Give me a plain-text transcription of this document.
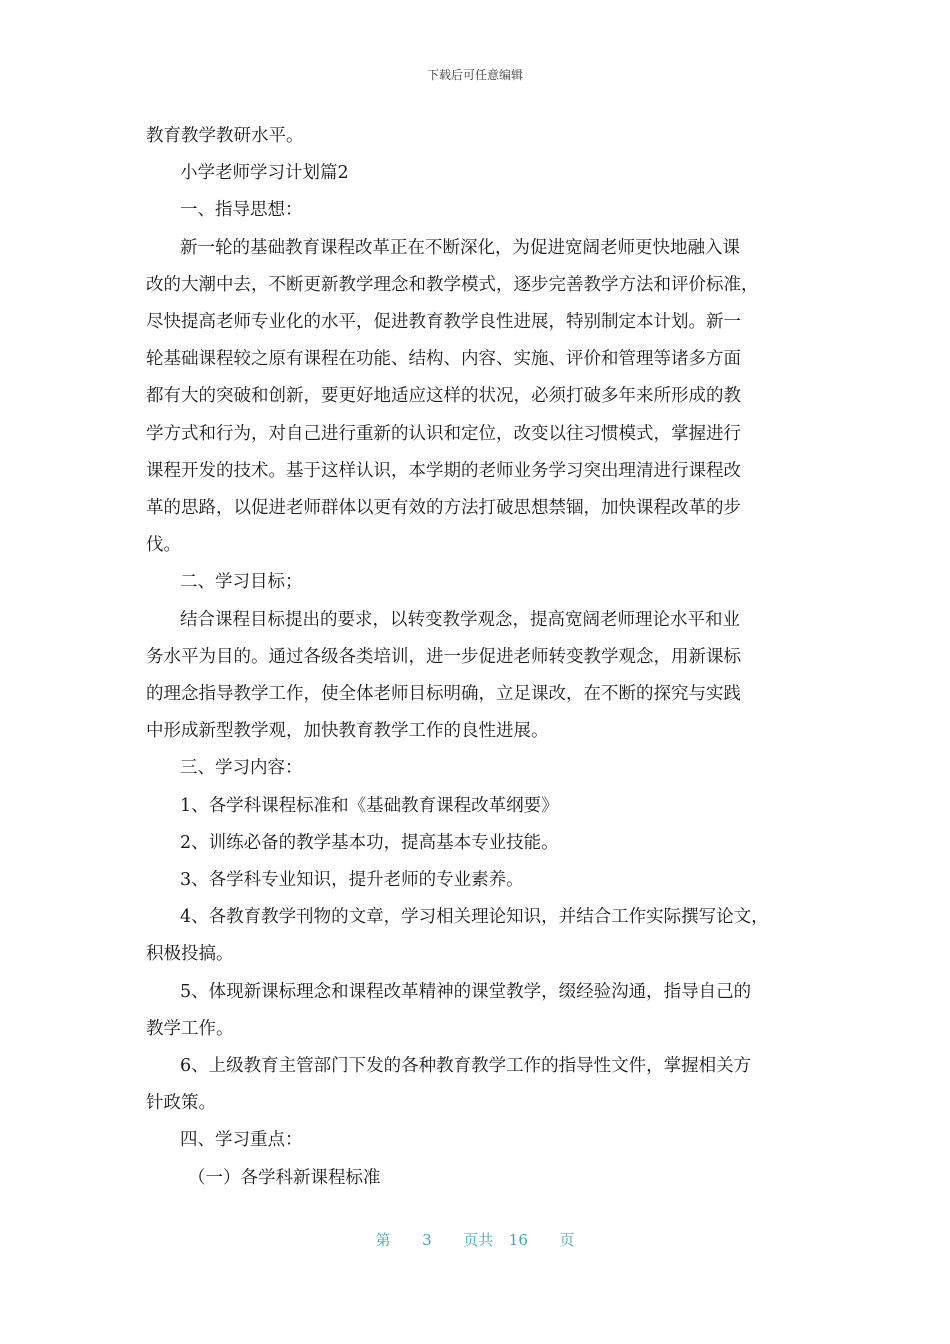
下载后可任意编辑

教育教学教研水平。

小学老师学习计划篇2

一、指导思想：

新一轮的基础教育课程改革正在不断深化，为促进宽阔老师更快地融入课

改的大潮中去，不断更新教学理念和教学模式，逐步完善教学方法和评价标准，

尽快提高老师专业化的水平，促进教育教学良性进展，特别制定本计划。新一

轮基础课程较之原有课程在功能、结构、内容、实施、评价和管理等诸多方面

都有大的突破和创新，要更好地适应这样的状况，必须打破多年来所形成的教

学方式和行为，对自己进行重新的认识和定位，改变以往习惯模式，掌握进行

课程开发的技术。基于这样认识，本学期的老师业务学习突出理清进行课程改

革的思路，以促进老师群体以更有效的方法打破思想禁锢，加快课程改革的步

伐。

二、学习目标；

结合课程目标提出的要求，以转变教学观念，提高宽阔老师理论水平和业

务水平为目的。通过各级各类培训，进一步促进老师转变教学观念，用新课标

的理念指导教学工作，使全体老师目标明确，立足课改，在不断的探究与实践

中形成新型教学观，加快教育教学工作的良性进展。

三、学习内容：

1、各学科课程标准和《基础教育课程改革纲要》

2、训练必备的教学基本功，提高基本专业技能。

3、各学科专业知识，提升老师的专业素养。

4、各教育教学刊物的文章，学习相关理论知识，并结合工作实际撰写论文，

积极投搞。

5、体现新课标理念和课程改革精神的课堂教学，缀经验沟通，指导自己的

教学工作。

6、上级教育主管部门下发的各种教育教学工作的指导性文件，掌握相关方

针政策。

四、学习重点：

（一）各学科新课程标准

第 3 页共 16 页
